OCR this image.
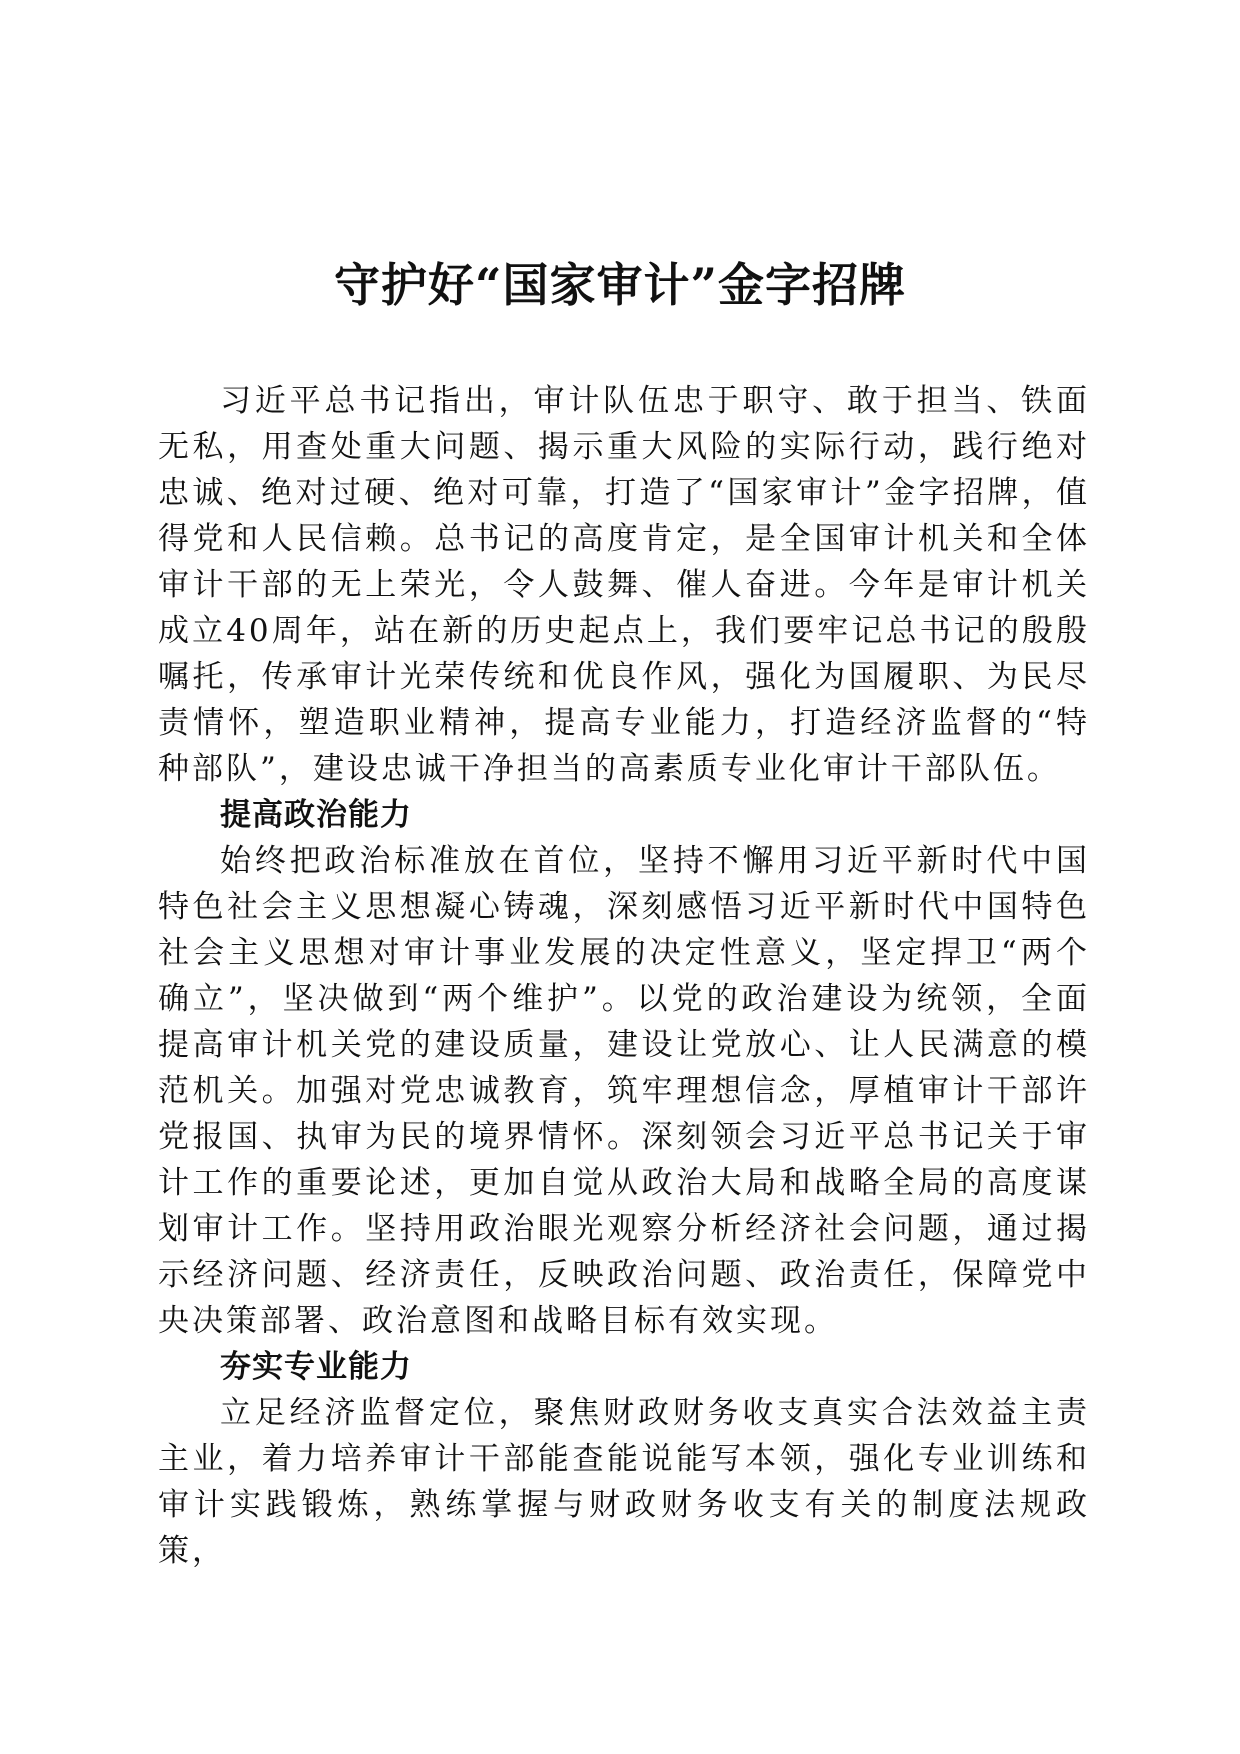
守护好“国家审计”金字招牌

习近平总书记指出，审计队伍忠于职守、敢于担当、铁面无私，用查处重大问题、揭示重大风险的实际行动，践行绝对忠诚、绝对过硬、绝对可靠，打造了“国家审计”金字招牌，值得党和人民信赖。总书记的高度肯定，是全国审计机关和全体审计干部的无上荣光，令人鼓舞、催人奋进。今年是审计机关成立40周年，站在新的历史起点上，我们要牢记总书记的殷殷嘱托，传承审计光荣传统和优良作风，强化为国履职、为民尽责情怀，塑造职业精神，提高专业能力，打造经济监督的“特种部队”，建设忠诚干净担当的高素质专业化审计干部队伍。

提高政治能力

始终把政治标准放在首位，坚持不懈用习近平新时代中国特色社会主义思想凝心铸魂，深刻感悟习近平新时代中国特色社会主义思想对审计事业发展的决定性意义，坚定捍卫“两个确立”，坚决做到“两个维护”。以党的政治建设为统领，全面提高审计机关党的建设质量，建设让党放心、让人民满意的模范机关。加强对党忠诚教育，筑牢理想信念，厚植审计干部许党报国、执审为民的境界情怀。深刻领会习近平总书记关于审计工作的重要论述，更加自觉从政治大局和战略全局的高度谋划审计工作。坚持用政治眼光观察分析经济社会问题，通过揭示经济问题、经济责任，反映政治问题、政治责任，保障党中央决策部署、政治意图和战略目标有效实现。

夯实专业能力

立足经济监督定位，聚焦财政财务收支真实合法效益主责主业，着力培养审计干部能查能说能写本领，强化专业训练和审计实践锻炼，熟练掌握与财政财务收支有关的制度法规政策，
